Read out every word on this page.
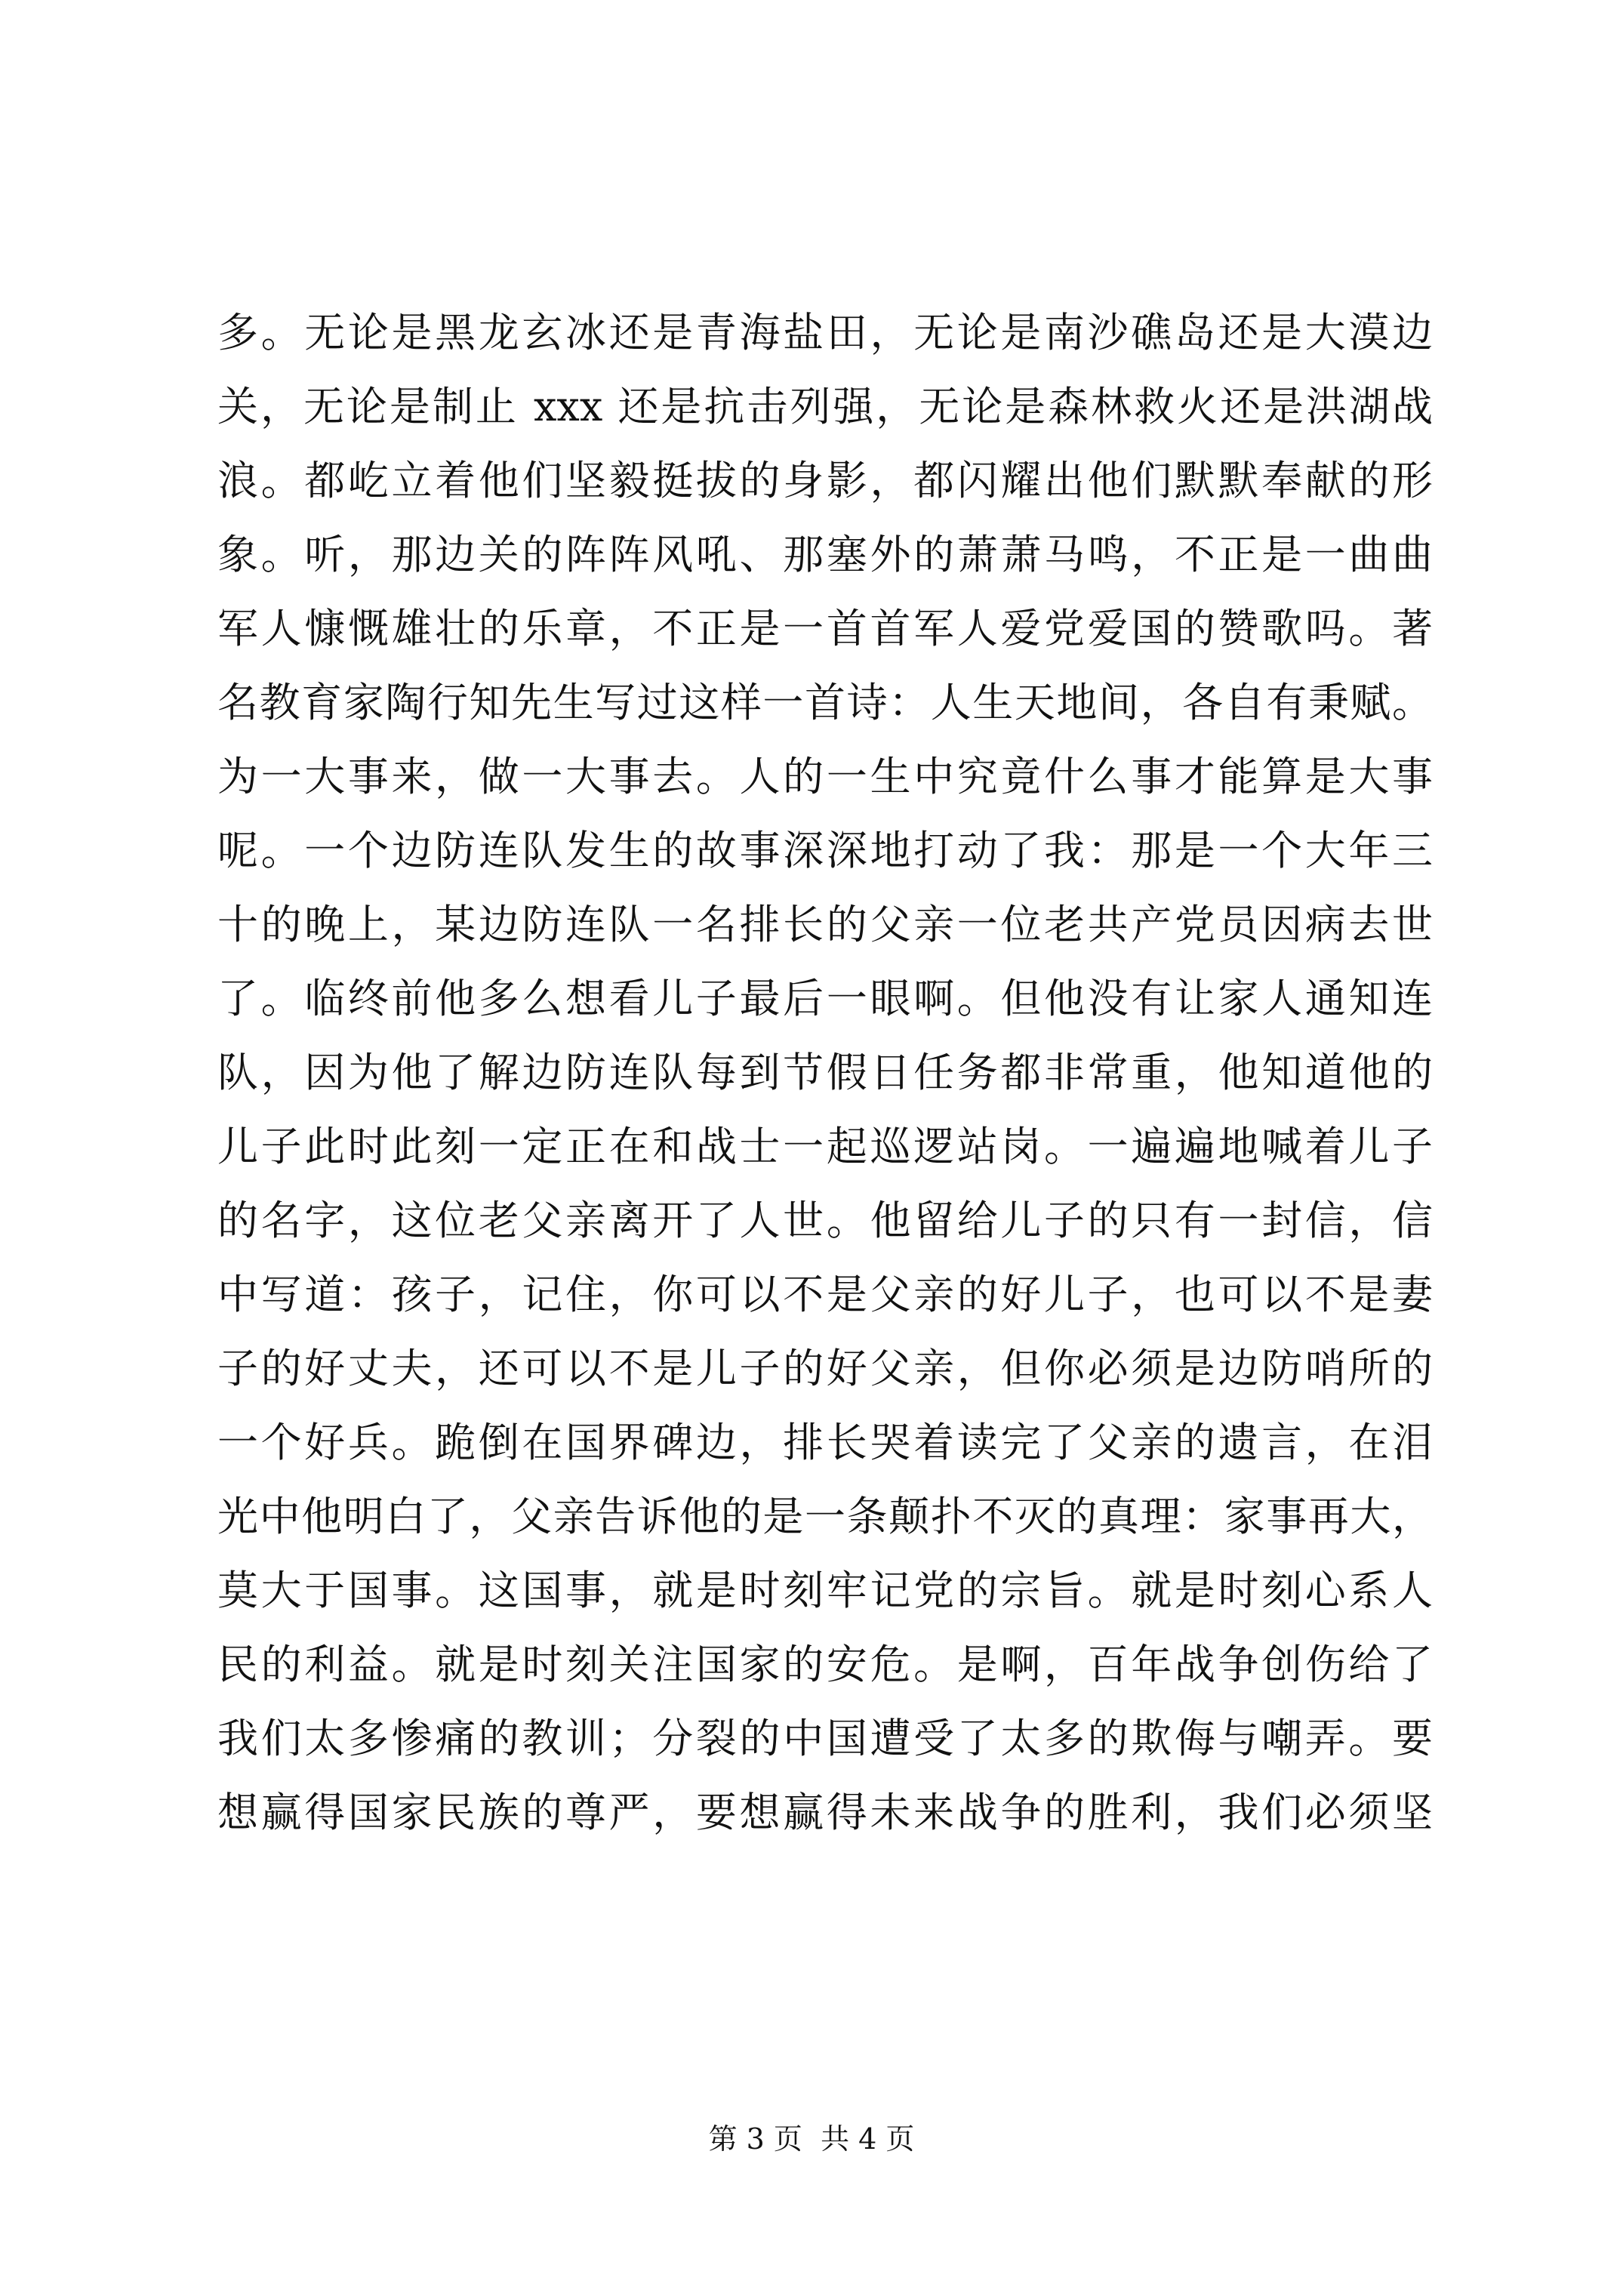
多。无论是黑龙玄冰还是青海盐田，无论是南沙礁岛还是大漠边
关，无论是制止 xxx 还是抗击列强，无论是森林救火还是洪湖战
浪。都屹立着他们坚毅挺拔的身影，都闪耀出他们默默奉献的形
象。听，那边关的阵阵风吼、那塞外的萧萧马鸣，不正是一曲曲
军人慷慨雄壮的乐章，不正是一首首军人爱党爱国的赞歌吗。著
名教育家陶行知先生写过这样一首诗：人生天地间，各自有秉赋。
为一大事来，做一大事去。人的一生中究竟什么事才能算是大事
呢。一个边防连队发生的故事深深地打动了我：那是一个大年三
十的晚上，某边防连队一名排长的父亲一位老共产党员因病去世
了。临终前他多么想看儿子最后一眼啊。但他没有让家人通知连
队，因为他了解边防连队每到节假日任务都非常重，他知道他的
儿子此时此刻一定正在和战士一起巡逻站岗。一遍遍地喊着儿子
的名字，这位老父亲离开了人世。他留给儿子的只有一封信，信
中写道：孩子，记住，你可以不是父亲的好儿子，也可以不是妻
子的好丈夫，还可以不是儿子的好父亲，但你必须是边防哨所的
一个好兵。跪倒在国界碑边，排长哭着读完了父亲的遗言，在泪
光中他明白了，父亲告诉他的是一条颠扑不灭的真理：家事再大，
莫大于国事。这国事，就是时刻牢记党的宗旨。就是时刻心系人
民的利益。就是时刻关注国家的安危。是啊，百年战争创伤给了
我们太多惨痛的教训；分裂的中国遭受了太多的欺侮与嘲弄。要
想赢得国家民族的尊严，要想赢得未来战争的胜利，我们必须坚
第 3 页  共 4 页
